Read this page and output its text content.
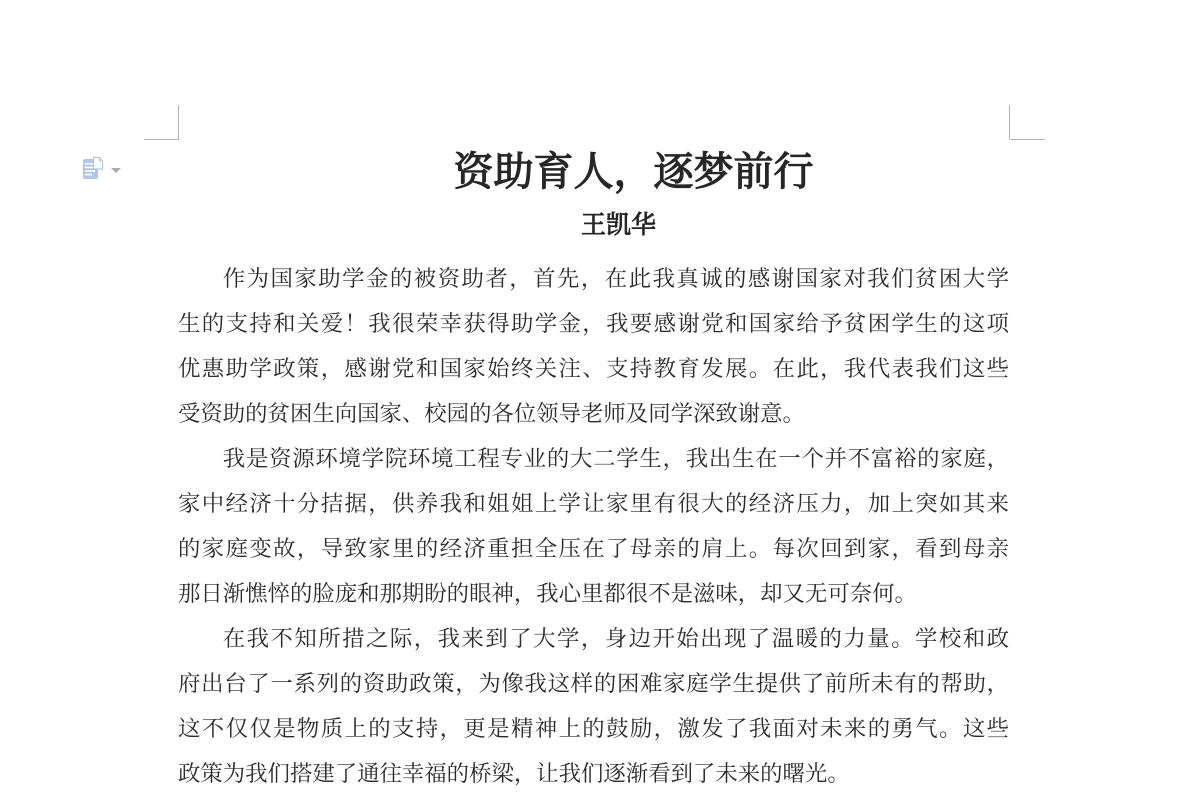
资助育人，逐梦前行
王凯华
作为国家助学金的被资助者，首先，在此我真诚的感谢国家对我们贫困大学
生的支持和关爱！我很荣幸获得助学金，我要感谢党和国家给予贫困学生的这项
优惠助学政策，感谢党和国家始终关注、支持教育发展。在此，我代表我们这些
受资助的贫困生向国家、校园的各位领导老师及同学深致谢意。
我是资源环境学院环境工程专业的大二学生，我出生在一个并不富裕的家庭，
家中经济十分拮据，供养我和姐姐上学让家里有很大的经济压力，加上突如其来
的家庭变故，导致家里的经济重担全压在了母亲的肩上。每次回到家，看到母亲
那日渐憔悴的脸庞和那期盼的眼神，我心里都很不是滋味，却又无可奈何。
在我不知所措之际，我来到了大学，身边开始出现了温暖的力量。学校和政
府出台了一系列的资助政策，为像我这样的困难家庭学生提供了前所未有的帮助，
这不仅仅是物质上的支持，更是精神上的鼓励，激发了我面对未来的勇气。这些
政策为我们搭建了通往幸福的桥梁，让我们逐渐看到了未来的曙光。
